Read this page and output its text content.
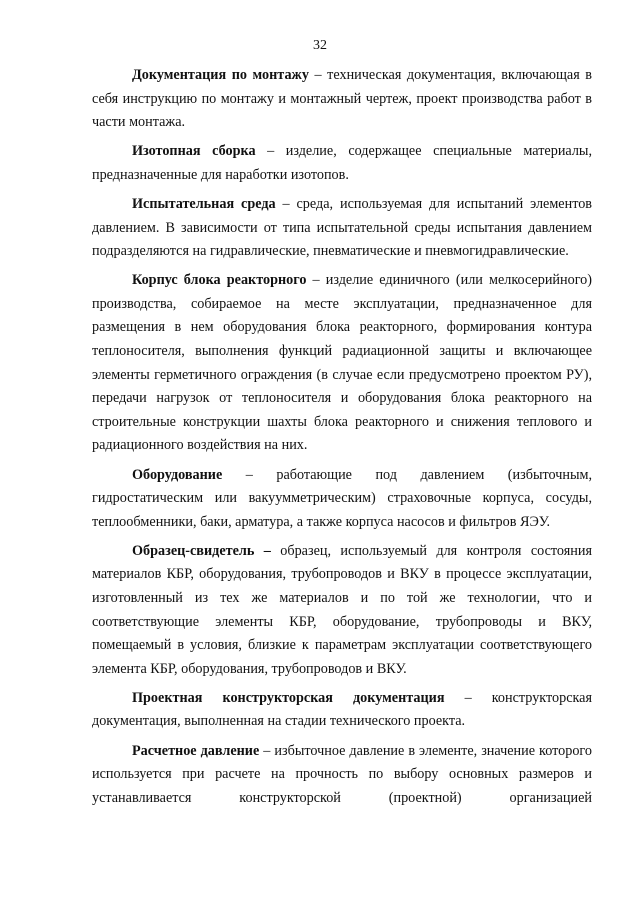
32

Документация по монтажу – техническая документация, включающая в себя инструкцию по монтажу и монтажный чертеж, проект производства работ в части монтажа.

Изотопная сборка – изделие, содержащее специальные материалы, предназначенные для наработки изотопов.

Испытательная среда – среда, используемая для испытаний элементов давлением. В зависимости от типа испытательной среды испытания давлением подразделяются на гидравлические, пневматические и пневмогидравлические.

Корпус блока реакторного – изделие единичного (или мелкосерийного) производства, собираемое на месте эксплуатации, предназначенное для размещения в нем оборудования блока реакторного, формирования контура теплоносителя, выполнения функций радиационной защиты и включающее элементы герметичного ограждения (в случае если предусмотрено проектом РУ), передачи нагрузок от теплоносителя и оборудования блока реакторного на строительные конструкции шахты блока реакторного и снижения теплового и радиационного воздействия на них.

Оборудование – работающие под давлением (избыточным, гидростатическим или вакуумметрическим) страховочные корпуса, сосуды, теплообменники, баки, арматура, а также корпуса насосов и фильтров ЯЭУ.

Образец-свидетель – образец, используемый для контроля состояния материалов КБР, оборудования, трубопроводов и ВКУ в процессе эксплуатации, изготовленный из тех же материалов и по той же технологии, что и соответствующие элементы КБР, оборудование, трубопроводы и ВКУ, помещаемый в условия, близкие к параметрам эксплуатации соответствующего элемента КБР, оборудования, трубопроводов и ВКУ.

Проектная конструкторская документация – конструкторская документация, выполненная на стадии технического проекта.

Расчетное давление – избыточное давление в элементе, значение которого используется при расчете на прочность по выбору основных размеров и устанавливается конструкторской (проектной) организацией
